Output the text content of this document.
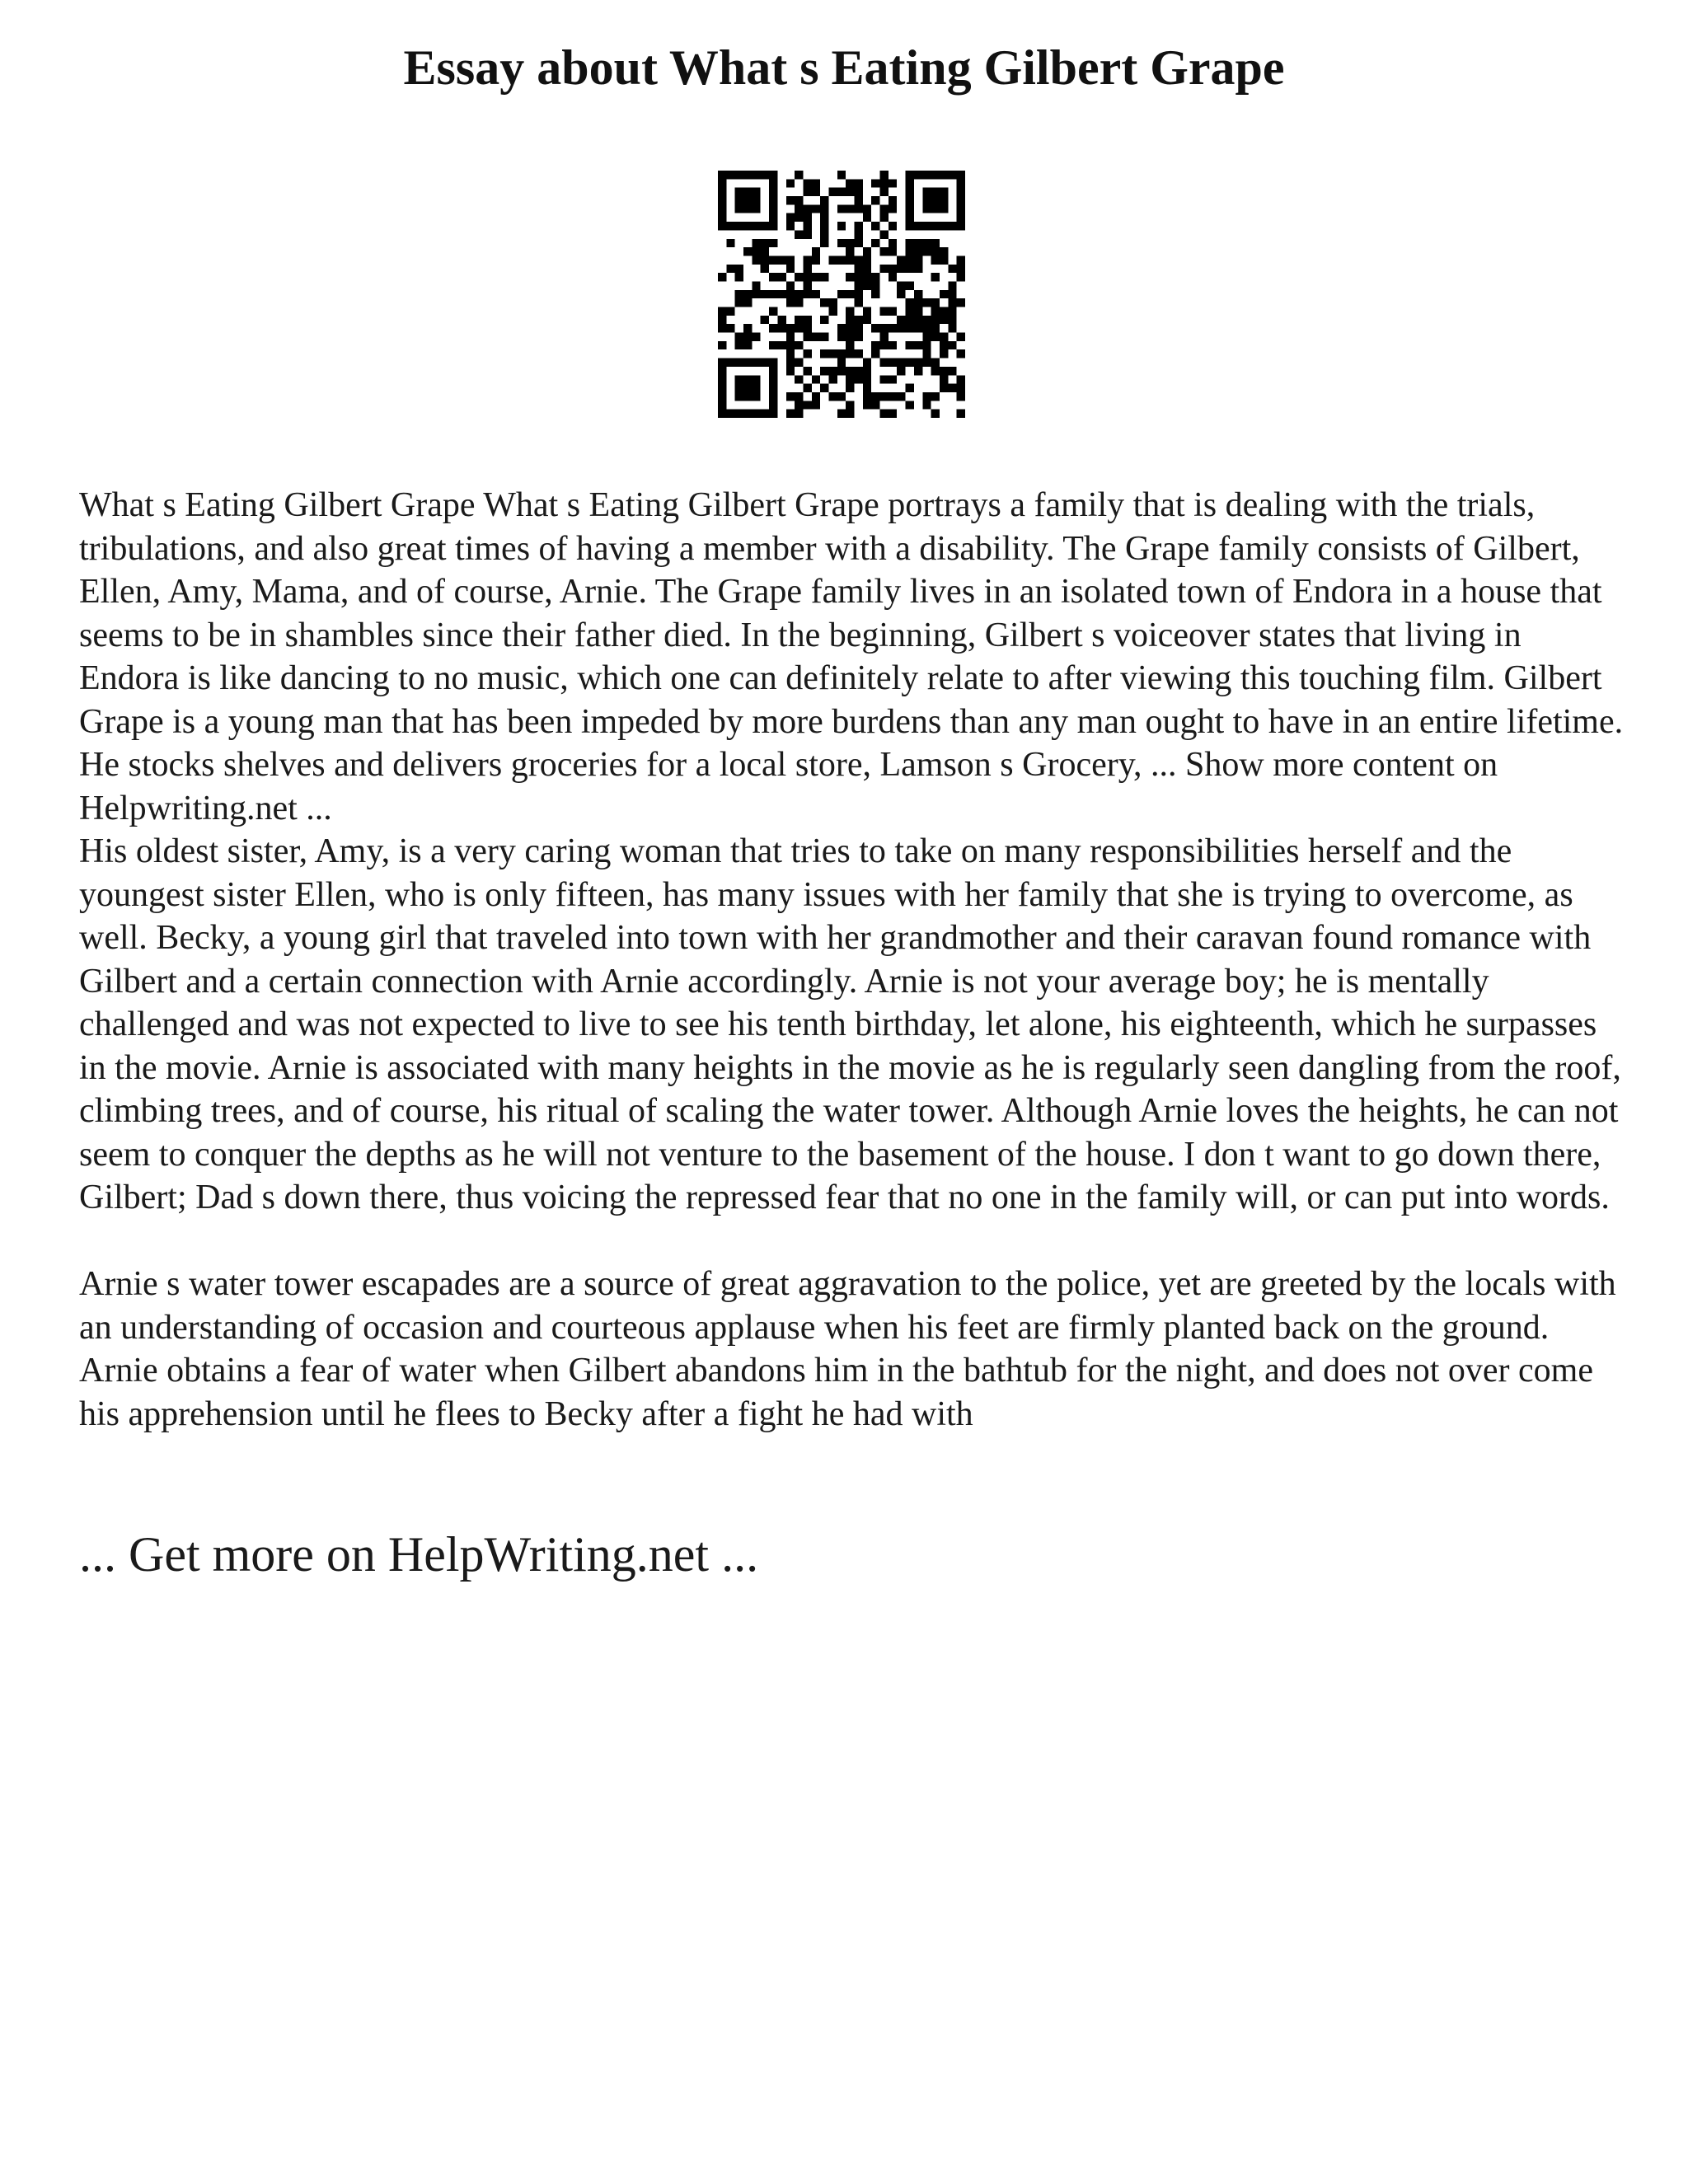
Essay about What s Eating Gilbert Grape

What s Eating Gilbert Grape What s Eating Gilbert Grape portrays a family that is dealing with the trials, tribulations, and also great times of having a member with a disability. The Grape family consists of Gilbert, Ellen, Amy, Mama, and of course, Arnie. The Grape family lives in an isolated town of Endora in a house that seems to be in shambles since their father died. In the beginning, Gilbert s voiceover states that living in Endora is like dancing to no music, which one can definitely relate to after viewing this touching film. Gilbert Grape is a young man that has been impeded by more burdens than any man ought to have in an entire lifetime. He stocks shelves and delivers groceries for a local store, Lamson s Grocery, ... Show more content on Helpwriting.net ...

His oldest sister, Amy, is a very caring woman that tries to take on many responsibilities herself and the youngest sister Ellen, who is only fifteen, has many issues with her family that she is trying to overcome, as well. Becky, a young girl that traveled into town with her grandmother and their caravan found romance with Gilbert and a certain connection with Arnie accordingly. Arnie is not your average boy; he is mentally challenged and was not expected to live to see his tenth birthday, let alone, his eighteenth, which he surpasses in the movie. Arnie is associated with many heights in the movie as he is regularly seen dangling from the roof, climbing trees, and of course, his ritual of scaling the water tower. Although Arnie loves the heights, he can not seem to conquer the depths as he will not venture to the basement of the house. I don t want to go down there, Gilbert; Dad s down there, thus voicing the repressed fear that no one in the family will, or can put into words.

Arnie s water tower escapades are a source of great aggravation to the police, yet are greeted by the locals with an understanding of occasion and courteous applause when his feet are firmly planted back on the ground. Arnie obtains a fear of water when Gilbert abandons him in the bathtub for the night, and does not over come his apprehension until he flees to Becky after a fight he had with

... Get more on HelpWriting.net ...
